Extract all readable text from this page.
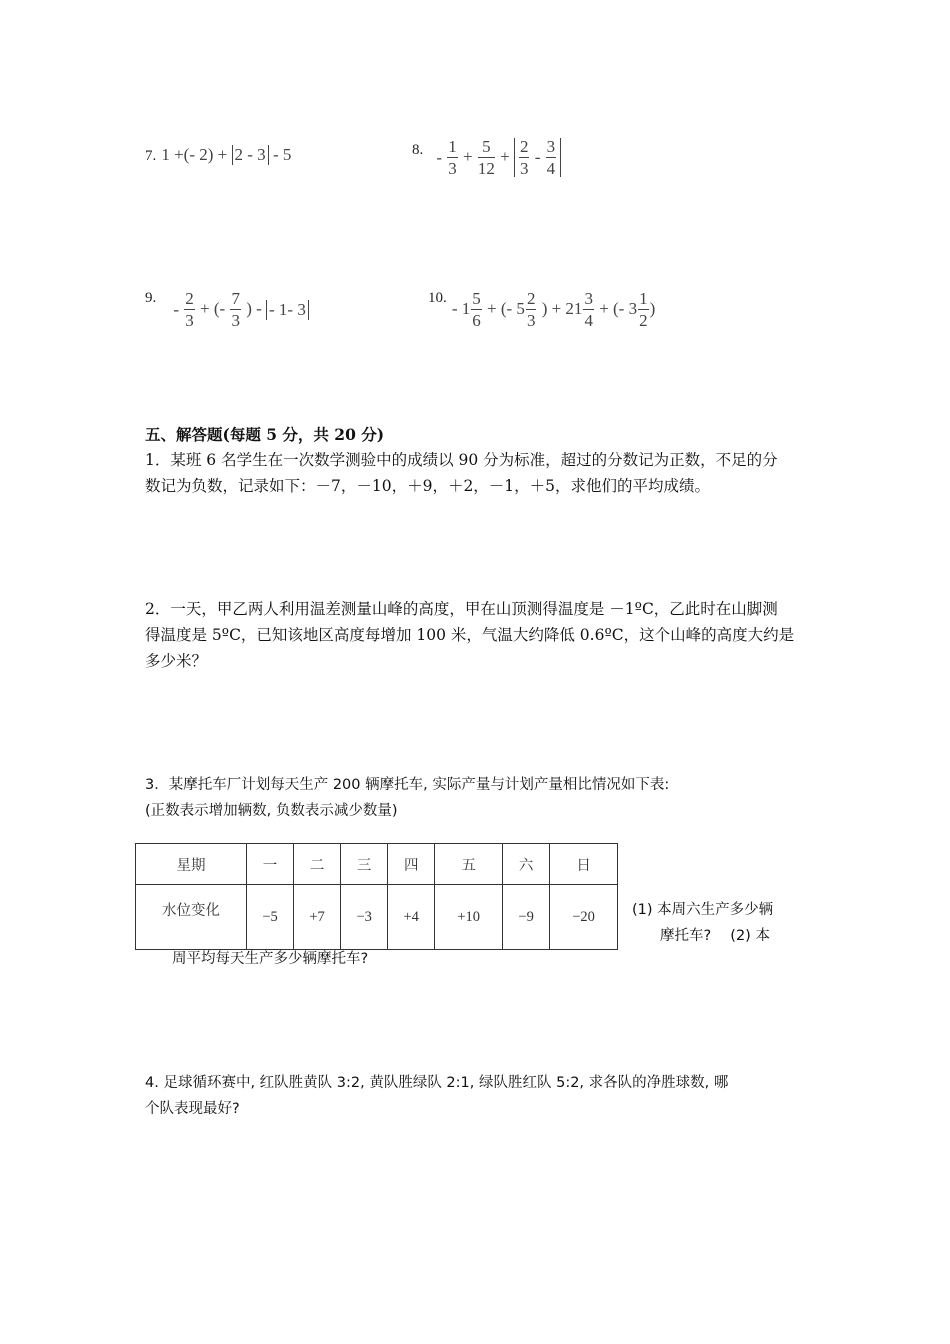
7. 1 +(- 2) + 2 - 3 - 5	8. - $\frac{1}{3} + \frac{5}{12} + \frac{2}{3} - \frac{3}{4}$
9. - $\frac{2}{3}$ + (- $\frac{7}{3}$ ) - - 1- 3
10. - $1 \frac{5}{6}$ + (- $5 \frac{2}{3}$ ) + $21 \frac{3}{4}$ + (- $3 \frac{1}{2}$ )
五、解答题(每题 5 分，共 20 分)
1．某班 6 名学生在一次数学测验中的成绩以 90 分为标准，超过的分数记为正数，不足的分
数记为负数，记录如下：－7，－10，＋9，＋2，－1，＋5，求他们的平均成绩。
2．一天，甲乙两人利用温差测量山峰的高度，甲在山顶测得温度是 －1ºC，乙此时在山脚测
得温度是 5ºC，已知该地区高度每增加 100 米，气温大约降低 0.6ºC，这个山峰的高度大约是
多少米？
3．某摩托车厂计划每天生产 200 辆摩托车, 实际产量与计划产量相比情况如下表:
(正数表示增加辆数, 负数表示减少数量)
星期	一	二	三	四	五	六	日
水位变化	−5	+7	−3	+4	+10	−9	−20	(1) 本周六生产多少辆
摩托车?　 (2) 本
周平均每天生产多少辆摩托车?
4. 足球循环赛中, 红队胜黄队 3:2, 黄队胜绿队 2:1, 绿队胜红队 5:2, 求各队的净胜球数, 哪
个队表现最好?
